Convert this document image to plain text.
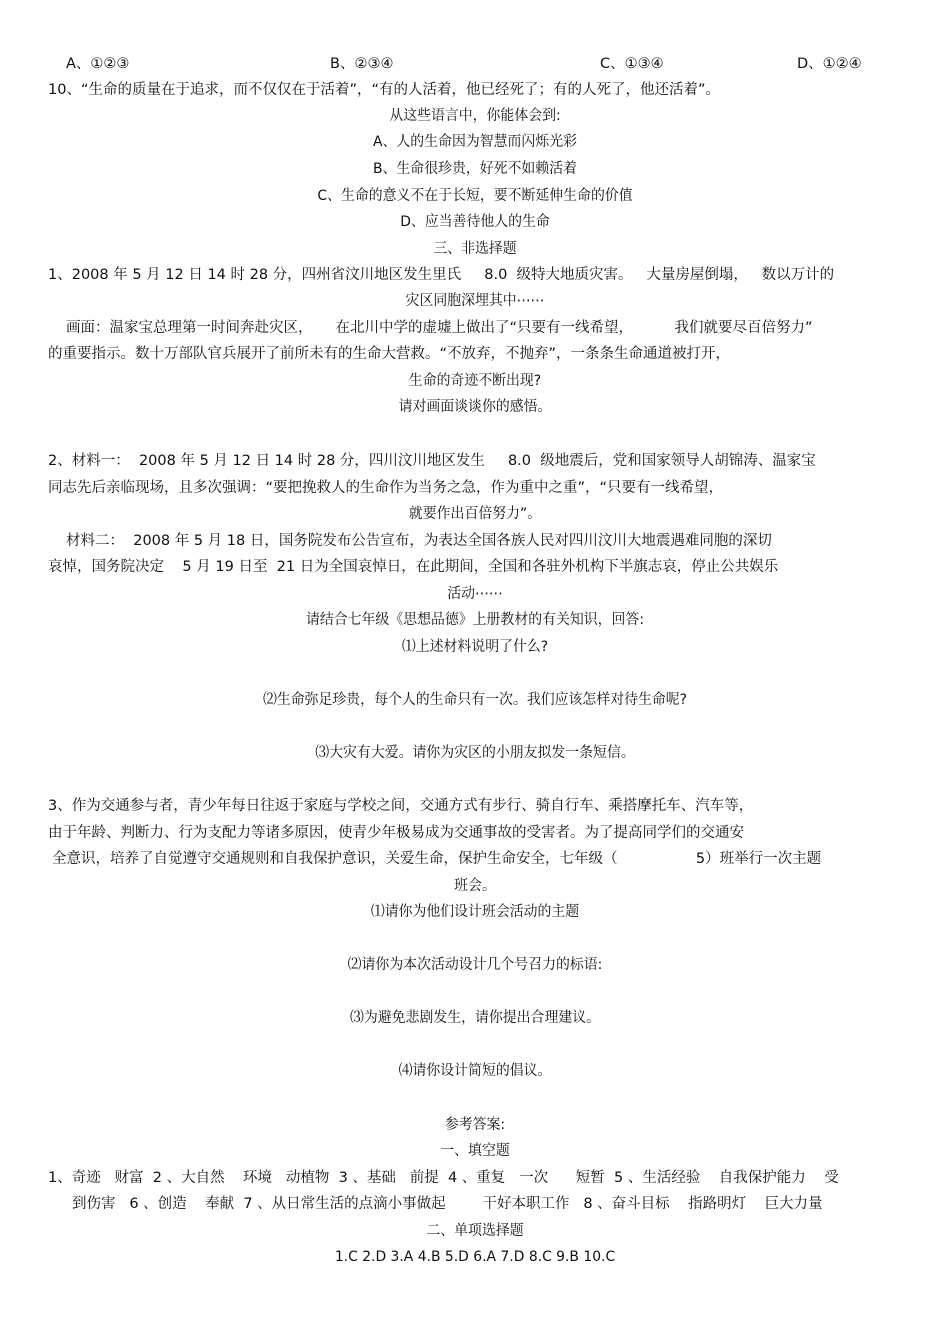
A、①②③	B、②③④	C、①③④	D、①②④
10、“生命的质量在于追求，而不仅仅在于活着”，“有的人活着，他已经死了；有的人死了，他还活着”。
从这些语言中，你能体会到:
A、人的生命因为智慧而闪烁光彩
B、生命很珍贵，好死不如赖活着
C、生命的意义不在于长短，要不断延伸生命的价值
D、应当善待他人的生命
三、非选择题
1、2008 年 5 月 12 日 14 时 28 分，四州省汶川地区发生里氏     8.0  级特大地质灾害。   大量房屋倒塌，   数以万计的
灾区同胞深埋其中⋯⋯
画面：温家宝总理第一时间奔赴灾区，     在北川中学的虚墟上做出了“只要有一线希望，         我们就要尽百倍努力”
的重要指示。数十万部队官兵展开了前所未有的生命大营救。“不放弃，不抛弃”，一条条生命通道被打开，
生命的奇迹不断出现?
请对画面谈谈你的感悟。
2、材料一：  2008 年 5 月 12 日 14 时 28 分，四川汶川地区发生     8.0  级地震后，党和国家领导人胡锦涛、温家宝
同志先后亲临现场，且多次强调：“要把挽救人的生命作为当务之急，作为重中之重”，“只要有一线希望，
就要作出百倍努力”。
材料二：  2008 年 5 月 18 日，国务院发布公告宣布，为表达全国各族人民对四川汶川大地震遇难同胞的深切
哀悼，国务院决定    5 月 19 日至  21 日为全国哀悼日，在此期间，全国和各驻外机构下半旗志哀，停止公共娱乐
活动⋯⋯
请结合七年级《思想品德》上册教材的有关知识，回答:
⑴上述材料说明了什么?
⑵生命弥足珍贵，每个人的生命只有一次。我们应该怎样对待生命呢?
⑶大灾有大爱。请你为灾区的小朋友拟发一条短信。
3、作为交通参与者，青少年每日往返于家庭与学校之间，交通方式有步行、骑自行车、乘搭摩托车、汽车等，
由于年龄、判断力、行为支配力等诸多原因，使青少年极易成为交通事故的受害者。为了提高同学们的交通安
全意识，培养了自觉遵守交通规则和自我保护意识，关爱生命，保护生命安全，七年级（                 5）班举行一次主题
班会。
⑴请你为他们设计班会活动的主题
⑵请你为本次活动设计几个号召力的标语:
⑶为避免悲剧发生，请你提出合理建议。
⑷请你设计简短的倡议。
参考答案:
一、填空题
1、奇迹   财富  2 、大自然    环境   动植物  3 、基础   前提  4 、重复   一次      短暂  5 、生活经验    自我保护能力    受
到伤害   6 、创造    奉献  7 、从日常生活的点滴小事做起        干好本职工作   8 、奋斗目标    指路明灯    巨大力量
二、单项选择题
1.C 2.D 3.A 4.B 5.D 6.A 7.D 8.C 9.B 10.C
